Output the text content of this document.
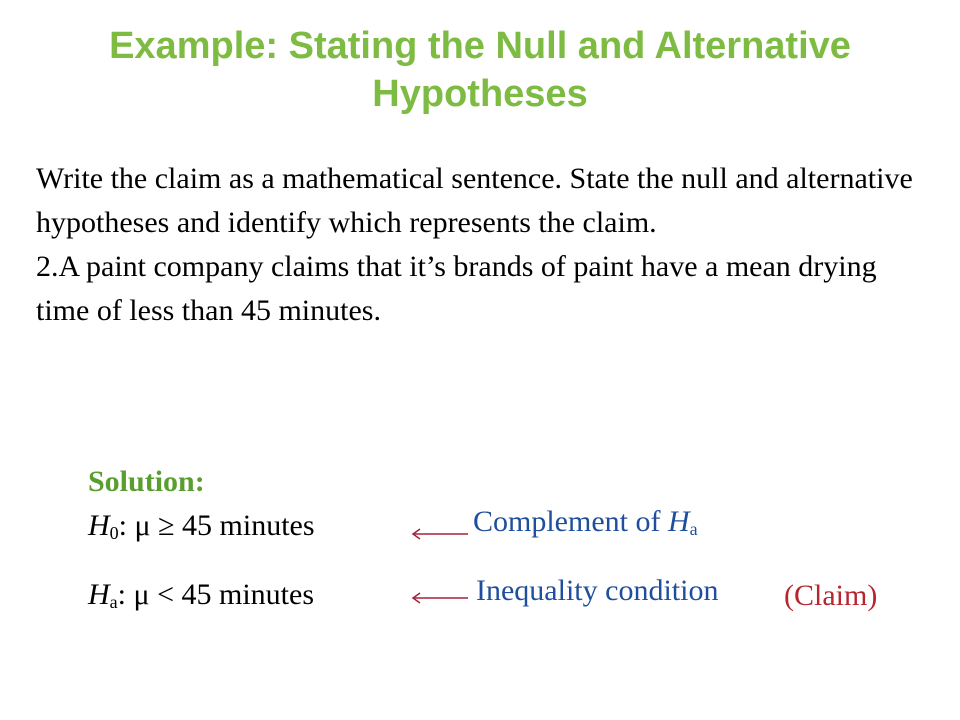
Example: Stating the Null and Alternative Hypotheses

Write the claim as a mathematical sentence. State the null and alternative hypotheses and identify which represents the claim.

2.A paint company claims that it’s brands of paint have a mean drying time of less than 45 minutes.

Solution:
$H_0$: μ ≥ 45 minutes
$H_a$: μ < 45 minutes
Complement of $H_a$
Inequality condition (Claim)
